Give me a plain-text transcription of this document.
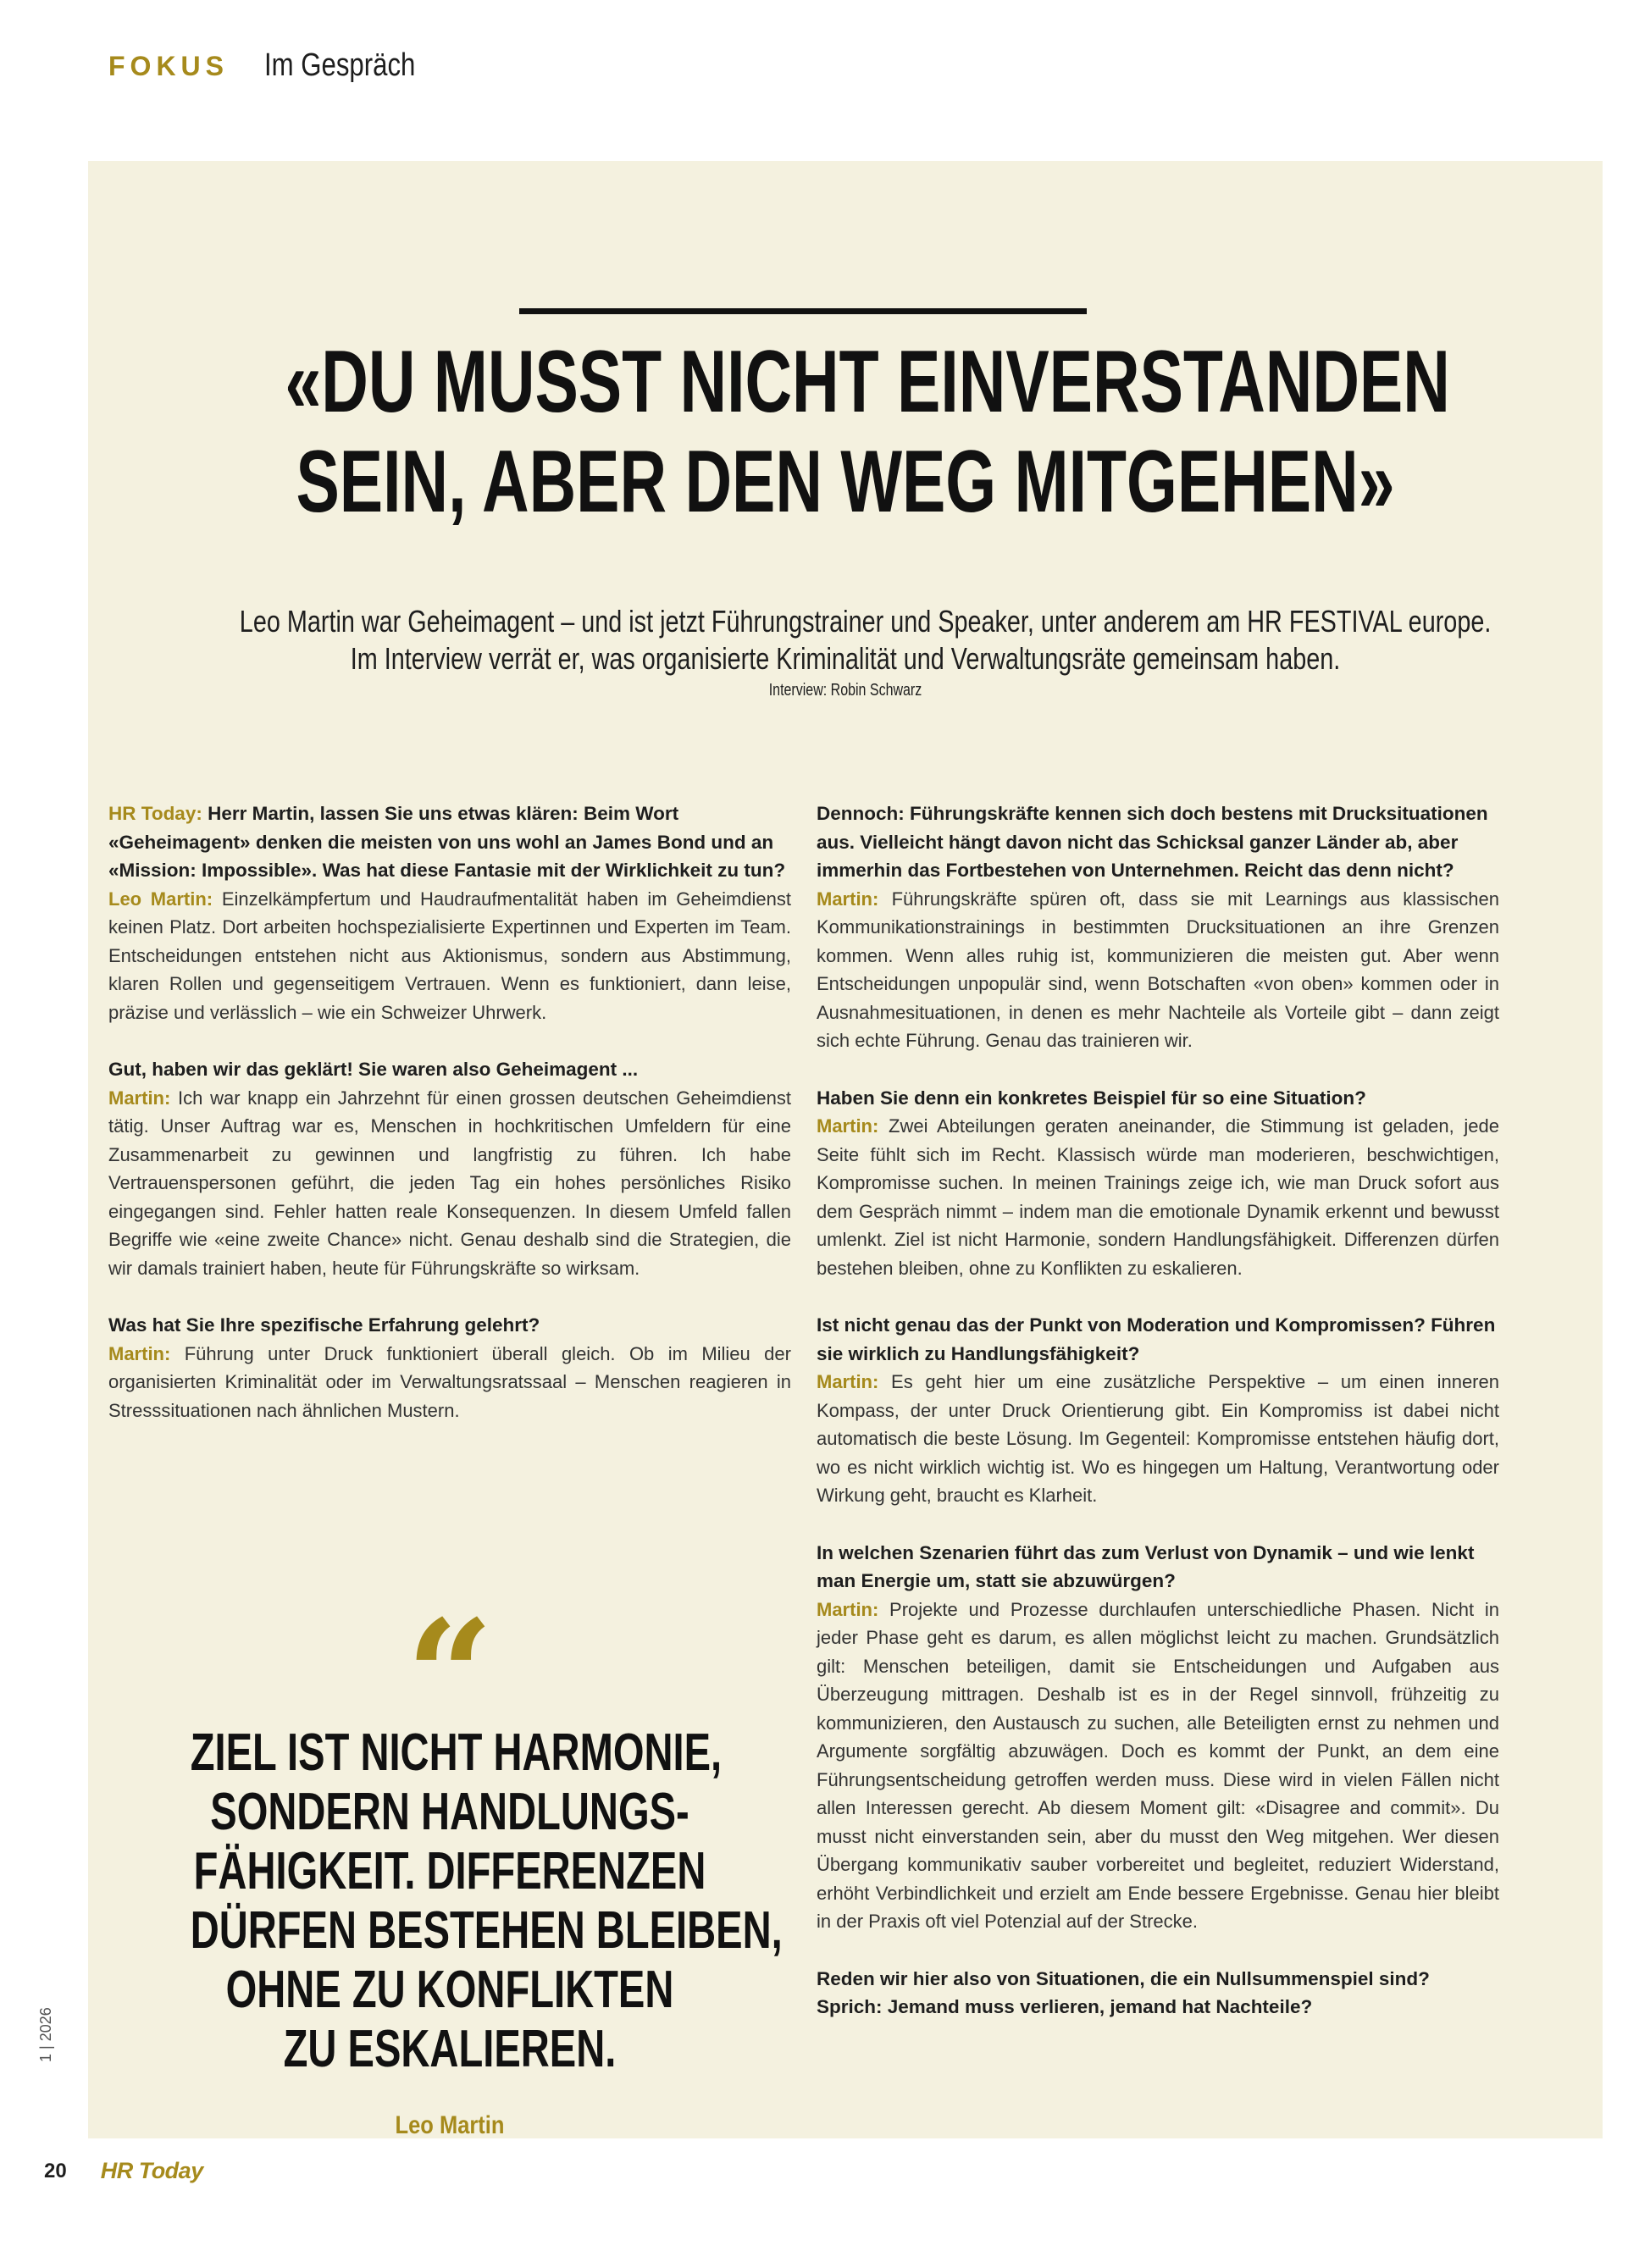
FOKUS Im Gespräch
«DU MUSST NICHT EINVERSTANDEN
SEIN, ABER DEN WEG MITGEHEN»
Leo Martin war Geheimagent – und ist jetzt Führungstrainer und Speaker, unter anderem am HR FESTIVAL europe.
Im Interview verrät er, was organisierte Kriminalität und Verwaltungsräte gemeinsam haben.
Interview: Robin Schwarz

HR Today: Herr Martin, lassen Sie uns etwas klären: Beim Wort «Geheimagent» denken die meisten von uns wohl an James Bond und an «Mission: Impossible». Was hat diese Fantasie mit der Wirklichkeit zu tun?

Leo Martin: Einzelkämpfertum und Haudraufmentalität haben im Geheimdienst keinen Platz. Dort arbeiten hochspezialisierte Expertinnen und Experten im Team. Entscheidungen entstehen nicht aus Aktionismus, sondern aus Abstimmung, klaren Rollen und gegenseitigem Vertrauen. Wenn es funktioniert, dann leise, präzise und verlässlich – wie ein Schweizer Uhrwerk.

Gut, haben wir das geklärt! Sie waren also Geheimagent ...

Martin: Ich war knapp ein Jahrzehnt für einen grossen deutschen Geheimdienst tätig. Unser Auftrag war es, Menschen in hochkritischen Umfeldern für eine Zusammenarbeit zu gewinnen und langfristig zu führen. Ich habe Vertrauenspersonen geführt, die jeden Tag ein hohes persönliches Risiko eingegangen sind. Fehler hatten reale Konsequenzen. In diesem Umfeld fallen Begriffe wie «eine zweite Chance» nicht. Genau deshalb sind die Strategien, die wir damals trainiert haben, heute für Führungskräfte so wirksam.

Was hat Sie Ihre spezifische Erfahrung gelehrt?

Martin: Führung unter Druck funktioniert überall gleich. Ob im Milieu der organisierten Kriminalität oder im Verwaltungsratssaal – Menschen reagieren in Stresssituationen nach ähnlichen Mustern.

“
ZIEL IST NICHT HARMONIE,
SONDERN HANDLUNGS-
FÄHIGKEIT. DIFFERENZEN
DÜRFEN BESTEHEN BLEIBEN,
OHNE ZU KONFLIKTEN
ZU ESKALIEREN.
Leo Martin

Dennoch: Führungskräfte kennen sich doch bestens mit Drucksituationen aus. Vielleicht hängt davon nicht das Schicksal ganzer Länder ab, aber immerhin das Fortbestehen von Unternehmen. Reicht das denn nicht?

Martin: Führungskräfte spüren oft, dass sie mit Learnings aus klassischen Kommunikationstrainings in bestimmten Drucksituationen an ihre Grenzen kommen. Wenn alles ruhig ist, kommunizieren die meisten gut. Aber wenn Entscheidungen unpopulär sind, wenn Botschaften «von oben» kommen oder in Ausnahmesituationen, in denen es mehr Nachteile als Vorteile gibt – dann zeigt sich echte Führung. Genau das trainieren wir.

Haben Sie denn ein konkretes Beispiel für so eine Situation?

Martin: Zwei Abteilungen geraten aneinander, die Stimmung ist geladen, jede Seite fühlt sich im Recht. Klassisch würde man moderieren, beschwichtigen, Kompromisse suchen. In meinen Trainings zeige ich, wie man Druck sofort aus dem Gespräch nimmt – indem man die emotionale Dynamik erkennt und bewusst umlenkt. Ziel ist nicht Harmonie, sondern Handlungsfähigkeit. Differenzen dürfen bestehen bleiben, ohne zu Konflikten zu eskalieren.

Ist nicht genau das der Punkt von Moderation und Kompromissen? Führen sie wirklich zu Handlungsfähigkeit?

Martin: Es geht hier um eine zusätzliche Perspektive – um einen inneren Kompass, der unter Druck Orientierung gibt. Ein Kompromiss ist dabei nicht automatisch die beste Lösung. Im Gegenteil: Kompromisse entstehen häufig dort, wo es nicht wirklich wichtig ist. Wo es hingegen um Haltung, Verantwortung oder Wirkung geht, braucht es Klarheit.

In welchen Szenarien führt das zum Verlust von Dynamik – und wie lenkt man Energie um, statt sie abzuwürgen?

Martin: Projekte und Prozesse durchlaufen unterschiedliche Phasen. Nicht in jeder Phase geht es darum, es allen möglichst leicht zu machen. Grundsätzlich gilt: Menschen beteiligen, damit sie Entscheidungen und Aufgaben aus Überzeugung mittragen. Deshalb ist es in der Regel sinnvoll, frühzeitig zu kommunizieren, den Austausch zu suchen, alle Beteiligten ernst zu nehmen und Argumente sorgfältig abzuwägen. Doch es kommt der Punkt, an dem eine Führungsentscheidung getroffen werden muss. Diese wird in vielen Fällen nicht allen Interessen gerecht. Ab diesem Moment gilt: «Disagree and commit». Du musst nicht einverstanden sein, aber du musst den Weg mitgehen. Wer diesen Übergang kommunikativ sauber vorbereitet und begleitet, reduziert Widerstand, erhöht Verbindlichkeit und erzielt am Ende bessere Ergebnisse. Genau hier bleibt in der Praxis oft viel Potenzial auf der Strecke.

Reden wir hier also von Situationen, die ein Nullsummenspiel sind? Sprich: Jemand muss verlieren, jemand hat Nachteile?

1 | 2026
20 HR Today
